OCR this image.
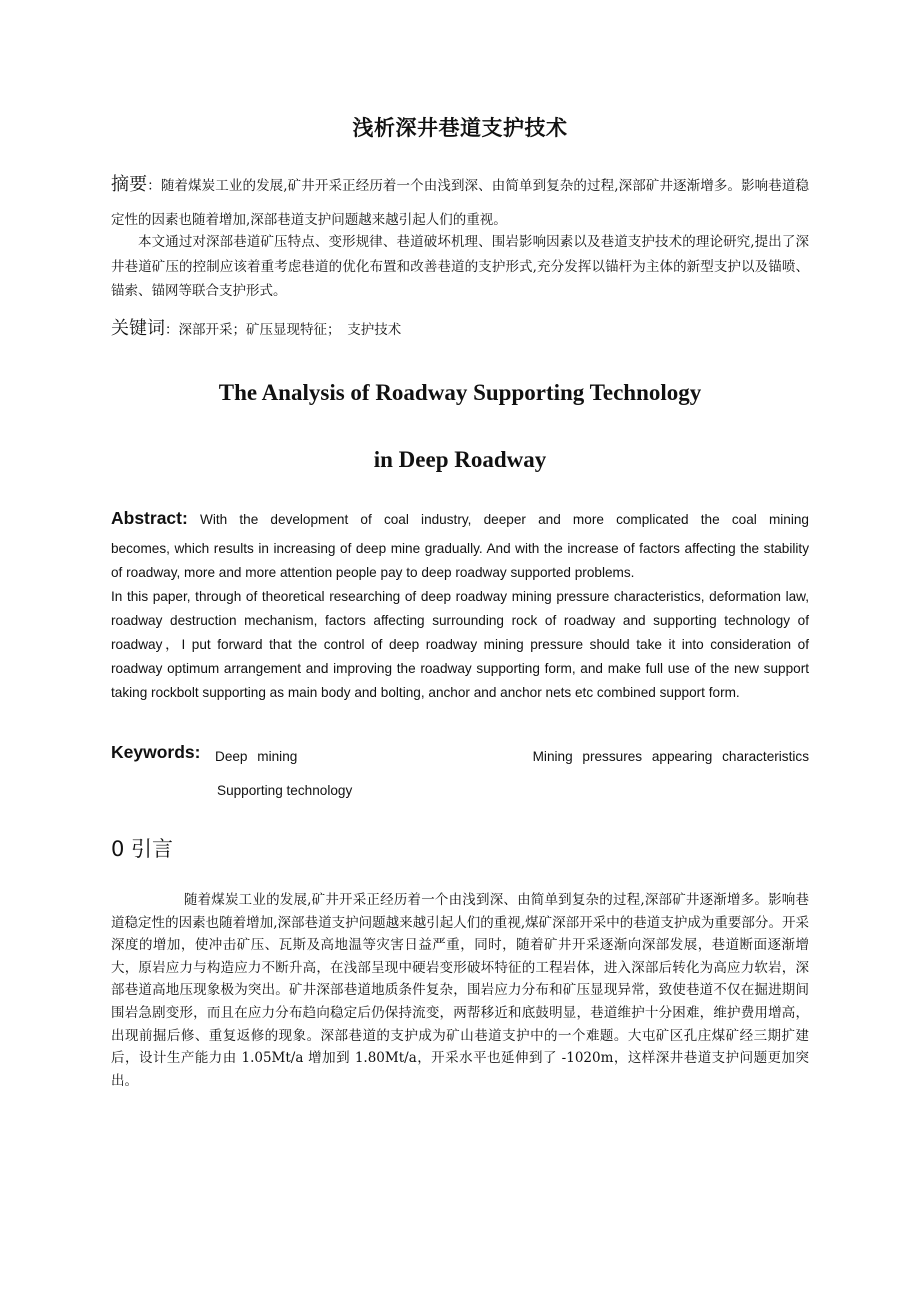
浅析深井巷道支护技术
摘要：随着煤炭工业的发展,矿井开采正经历着一个由浅到深、由简单到复杂的过程,深部矿井逐渐增多。影响巷道稳定性的因素也随着增加,深部巷道支护问题越来越引起人们的重视。
本文通过对深部巷道矿压特点、变形规律、巷道破坏机理、围岩影响因素以及巷道支护技术的理论研究,提出了深井巷道矿压的控制应该着重考虑巷道的优化布置和改善巷道的支护形式,充分发挥以锚杆为主体的新型支护以及锚喷、锚索、锚网等联合支护形式。
关键词：深部开采；矿压显现特征；　支护技术
The Analysis of Roadway Supporting Technology
in Deep Roadway
Abstract: With the development of coal industry, deeper and more complicated the coal mining
becomes, which results in increasing of deep mine gradually. And with the increase of factors affecting the stability of roadway, more and more attention people pay to deep roadway supported problems.
In this paper, through of theoretical researching of deep roadway mining pressure characteristics, deformation law, roadway destruction mechanism, factors affecting surrounding rock of roadway and supporting technology of roadway，I put forward that the control of deep roadway mining pressure should take it into consideration of roadway optimum arrangement and improving the roadway supporting form, and make full use of the new support taking rockbolt supporting as main body and bolting, anchor and anchor nets etc combined support form.
Keywords: Deep mining	Mining pressures appearing characteristics
Supporting technology
0 引言
随着煤炭工业的发展,矿井开采正经历着一个由浅到深、由简单到复杂的过程,深部矿井逐渐增多。影响巷道稳定性的因素也随着增加,深部巷道支护问题越来越引起人们的重视,煤矿深部开采中的巷道支护成为重要部分。开采深度的增加，使冲击矿压、瓦斯及高地温等灾害日益严重，同时，随着矿井开采逐渐向深部发展，巷道断面逐渐增大，原岩应力与构造应力不断升高，在浅部呈现中硬岩变形破坏特征的工程岩体，进入深部后转化为高应力软岩，深部巷道高地压现象极为突出。矿井深部巷道地质条件复杂，围岩应力分布和矿压显现异常，致使巷道不仅在掘进期间围岩急剧变形，而且在应力分布趋向稳定后仍保持流变，两帮移近和底鼓明显，巷道维护十分困难，维护费用增高，出现前掘后修、重复返修的现象。深部巷道的支护成为矿山巷道支护中的一个难题。大屯矿区孔庄煤矿经三期扩建后，设计生产能力由 1.05Mt/a 增加到 1.80Mt/a，开采水平也延伸到了 -1020m，这样深井巷道支护问题更加突出。
